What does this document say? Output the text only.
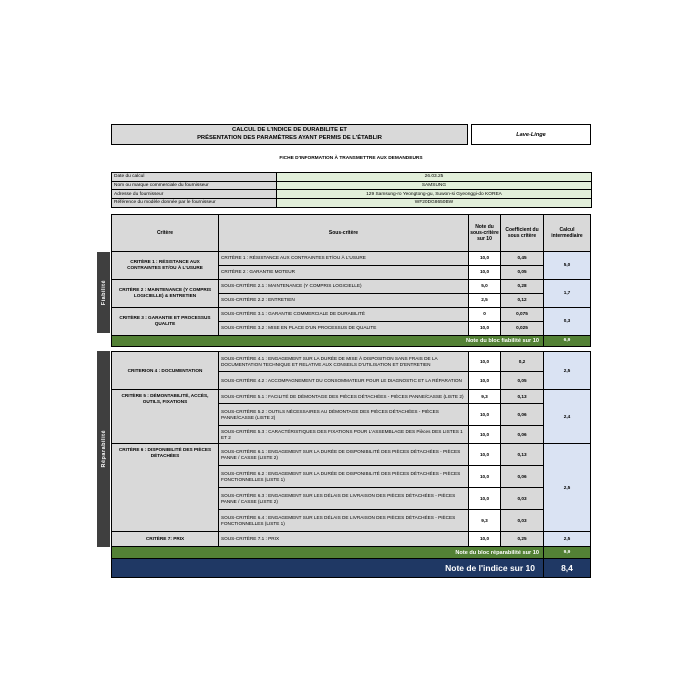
Fiabilité
Réparabilité
CALCUL DE L'INDICE DE DURABILITE ET
PRÉSENTATION DES PARAMÈTRES AYANT PERMIS DE L'ÉTABLIR	Lave-Linge
FICHE D'INFORMATION À TRANSMETTRE AUX DEMANDEURS
Date du calcul	26.03.25
Nom ou marque commerciale du fournisseur	SAMSUNG
Adresse du fournisseur	129 Samsung-ro Yeongtong-gu, Suwon-si Gyeonggi-do KOREA
Référence du modèle donnée par le fournisseur	WF20DG8650BW
Critère	Sous-critère	Note du sous-critère sur 10	Coefficient du sous critère	Calcul intermediaire
CRITÈRE 1 : RÉSISTANCE AUX CONTRAINTES ET/OU À L'USURE	CRITÈRE 1 : RÉSISTANCE AUX CONTRAINTES ET/OU À L'USURE	10,0	0,45	5,0
	CRITÈRE 2 : GARANTIE MOTEUR	10,0	0,05	
CRITÈRE 2 : MAINTENANCE (Y COMPRIS LOGICIELLE) & ENTRETIEN	SOUS-CRITÈRE 2.1 : MAINTENANCE (Y COMPRIS LOGICIELLE)	5,0	0,28	1,7
	SOUS-CRITÈRE 2.2 : ENTRETIEN	2,5	0,12	
CRITÈRE 3 : GARANTIE ET PROCESSUS QUALITE	SOUS-CRITÈRE 3.1 : GARANTIE COMMERCIALE DE DURABILITÉ	0	0,075	0,3
	SOUS-CRITÈRE 3.2 : MISE EN PLACE D'UN PROCESSUS DE QUALITE	10,0	0,025	
Note du bloc fiabilité sur 10				6,9
CRITERION 4 : DOCUMENTATION	SOUS-CRITÈRE 4.1 : ENGAGEMENT SUR LA DURÉE DE MISE À DISPOSITION SANS FRAIS DE LA DOCUMENTATION TECHNIQUE ET RELATIVE AUX CONSEILS D'UTILISATION ET D'ENTRETIEN	10,0	0,2	2,5
	SOUS-CRITÈRE 4.2 : ACCOMPAGNEMENT DU CONSOMMATEUR POUR LE DIAGNOSTIC ET LA RÉPARATION	10,0	0,05	
CRITÈRE 5 : DÉMONTABILITÉ, ACCÈS, OUTILS, FIXATIONS	SOUS-CRITÈRE 5.1 : FACILITÉ DE DÉMONTAGE DES PIÈCES DÉTACHÉES - PIÈCES PANNE/CASSE (LISTE 2)	9,3	0,13	2,4
	SOUS-CRITÈRE 5.2 : OUTILS NÉCESSAIRES AU DÉMONTAGE DES PIÈCES DÉTACHÉES - PIÈCES PANNE/CASSE (LISTE 2)	10,0	0,06	
	SOUS-CRITÈRE 5.3 : CARACTÉRISTIQUES DES FIXATIONS POUR L'ASSEMBLAGE DES Pièces DES LISTES 1 ET 2	10,0	0,06	
CRITÈRE 6 : DISPONIBILITÉ DES PIÈCES DÉTACHÉES	SOUS-CRITÈRE 6.1 : ENGAGEMENT SUR LA DURÉE DE DISPONIBILITÉ DES PIÈCES DÉTACHÉES - PIÈCES PANNE / CASSE (LISTE 2)	10,0	0,13	2,5
	SOUS-CRITÈRE 6.2 : ENGAGEMENT SUR LA DURÉE DE DISPONIBILITÉ DES PIÈCES DÉTACHÉES - PIÈCES FONCTIONNELLES (LISTE 1)	10,0	0,06	
	SOUS-CRITÈRE 6.3 : ENGAGEMENT SUR LES DÉLAIS DE LIVRAISON DES PIÈCES DÉTACHÉES - PIÈCES PANNE / CASSE (LISTE 2)	10,0	0,03	
	SOUS-CRITÈRE 6.4 : ENGAGEMENT SUR LES DÉLAIS DE LIVRAISON DES PIÈCES DÉTACHÉES - PIÈCES FONCTIONNELLES (LISTE 1)	9,3	0,03	
CRITÈRE 7: PRIX	SOUS-CRITÈRE 7.1 : PRIX	10,0	0,25	2,5
Note du bloc réparabilité sur 10				9,9
Note de l'indice sur 10				8,4
